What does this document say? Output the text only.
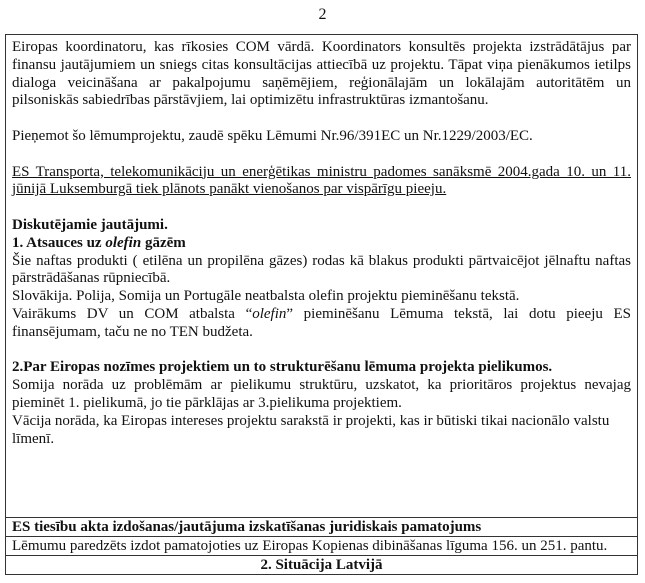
2

Eiropas koordinatoru, kas rīkosies COM vārdā. Koordinators konsultēs projekta izstrādātājus par finansu jautājumiem un sniegs citas konsultācijas attiecībā uz projektu. Tāpat viņa pienākumos ietilps dialoga veicināšana ar pakalpojumu saņēmējiem, reģionālajām un lokālajām autoritātēm un pilsoniskās sabiedrības pārstāvjiem, lai optimizētu infrastruktūras izmantošanu.

Pieņemot šo lēmumprojektu, zaudē spēku Lēmumi Nr.96/391EC un Nr.1229/2003/EC.

ES Transporta, telekomunikāciju un enerģētikas ministru padomes sanāksmē 2004.gada 10. un 11. jūnijā Luksemburgā tiek plānots panākt vienošanos par vispārīgu pieeju.

Diskutējamie jautājumi.

1. Atsauces uz olefin gāzēm

Šie naftas produkti ( etilēna un propilēna gāzes) rodas kā blakus produkti pārtvaicējot jēlnaftu naftas pārstrādāšanas rūpniecībā.

Slovākija. Polija, Somija un Portugāle neatbalsta olefin projektu pieminēšanu tekstā.

Vairākums DV un COM atbalsta “olefin” pieminēšanu Lēmuma tekstā, lai dotu pieeju ES finansējumam, taču ne no TEN budžeta.

2.Par Eiropas nozīmes projektiem un to strukturēšanu lēmuma projekta pielikumos.

Somija norāda uz problēmām ar pielikumu struktūru, uzskatot, ka prioritāros projektus nevajag pieminēt 1. pielikumā, jo tie pārklājas ar 3.pielikuma projektiem.

Vācija norāda, ka Eiropas intereses projektu sarakstā ir projekti, kas ir būtiski tikai nacionālo valstu līmenī.

ES tiesību akta izdošanas/jautājuma izskatīšanas juridiskais pamatojums
Lēmumu paredzēts izdot pamatojoties uz Eiropas Kopienas dibināšanas līguma 156. un 251. pantu.
2. Situācija Latvijā
